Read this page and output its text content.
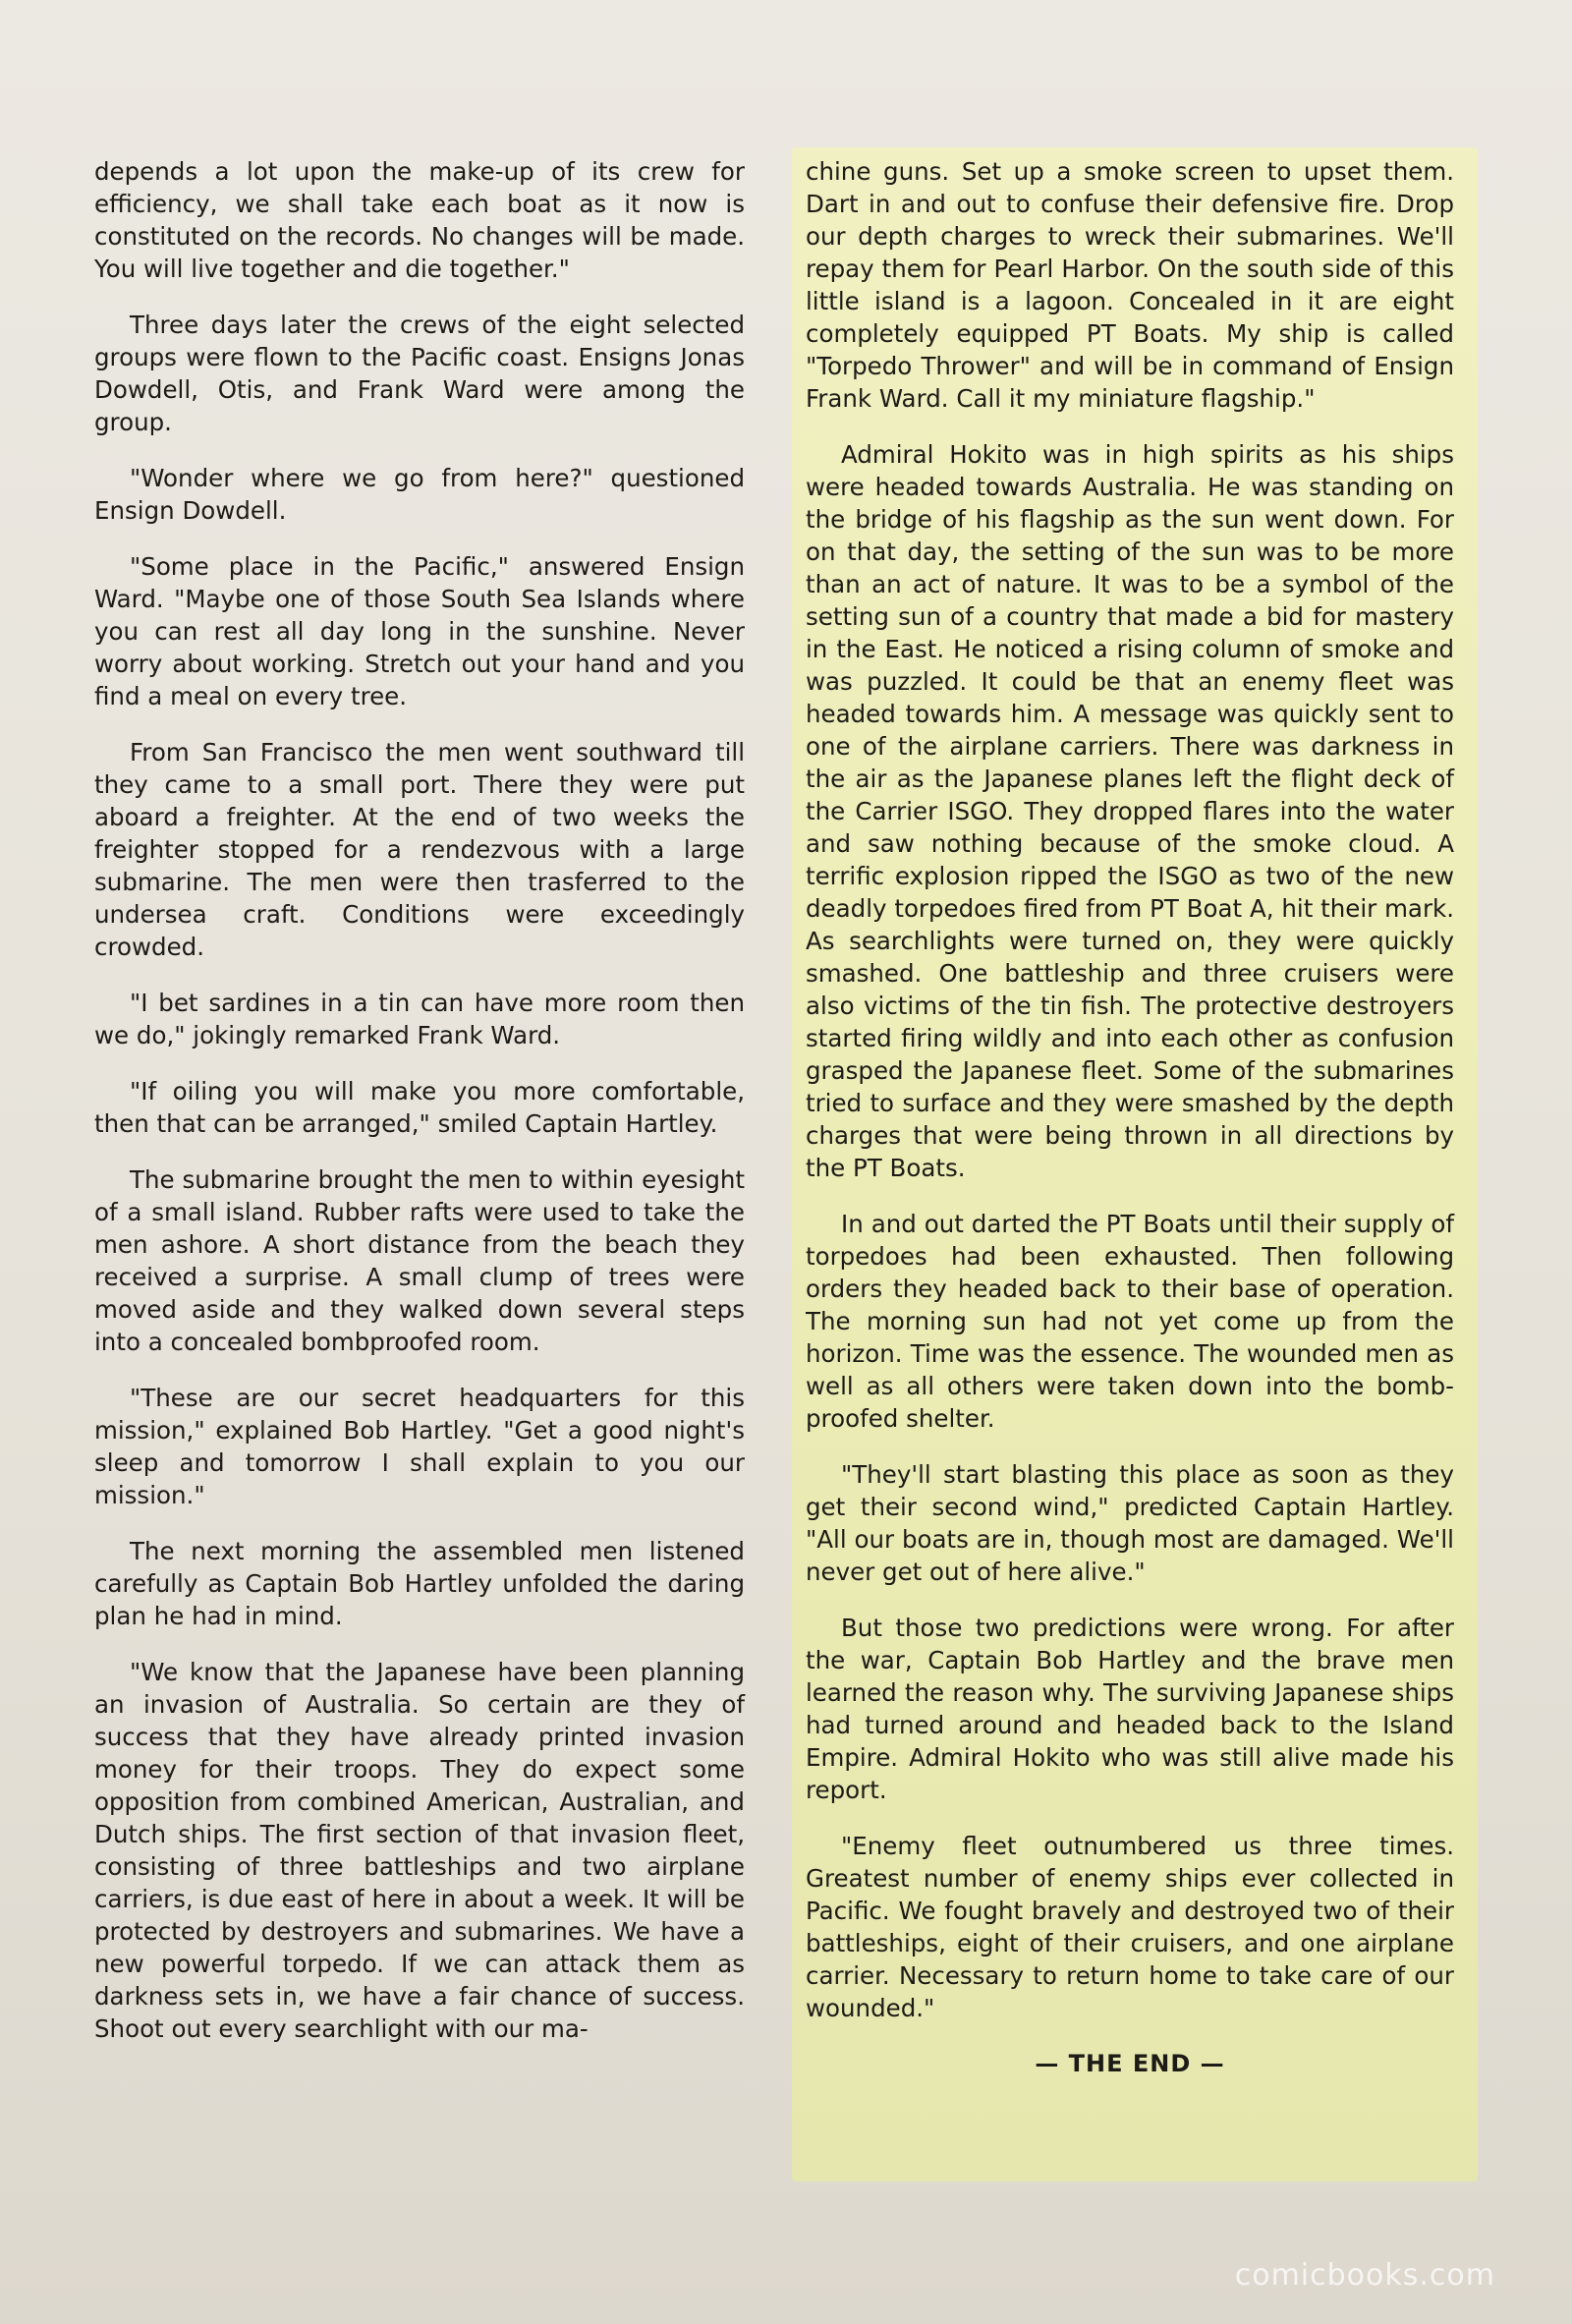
depends a lot upon the make-up of its crew for efficiency, we shall take each boat as it now is constituted on the records. No changes will be made. You will live together and die together."

Three days later the crews of the eight selected groups were flown to the Pacific coast. Ensigns Jonas Dowdell, Otis, and Frank Ward were among the group.

"Wonder where we go from here?" questioned Ensign Dowdell.

"Some place in the Pacific," answered Ensign Ward. "Maybe one of those South Sea Islands where you can rest all day long in the sunshine. Never worry about working. Stretch out your hand and you find a meal on every tree.

From San Francisco the men went southward till they came to a small port. There they were put aboard a freighter. At the end of two weeks the freighter stopped for a rendezvous with a large submarine. The men were then trasferred to the undersea craft. Conditions were exceedingly crowded.

"I bet sardines in a tin can have more room then we do," jokingly remarked Frank Ward.

"If oiling you will make you more comfortable, then that can be arranged," smiled Captain Hartley.

The submarine brought the men to within eyesight of a small island. Rubber rafts were used to take the men ashore. A short distance from the beach they received a surprise. A small clump of trees were moved aside and they walked down several steps into a concealed bombproofed room.

"These are our secret headquarters for this mission," explained Bob Hartley. "Get a good night's sleep and tomorrow I shall explain to you our mission."

The next morning the assembled men listened carefully as Captain Bob Hartley unfolded the daring plan he had in mind.

"We know that the Japanese have been planning an invasion of Australia. So certain are they of success that they have already printed invasion money for their troops. They do expect some opposition from combined American, Australian, and Dutch ships. The first section of that invasion fleet, consisting of three battleships and two airplane carriers, is due east of here in about a week. It will be protected by destroyers and submarines. We have a new powerful torpedo. If we can attack them as darkness sets in, we have a fair chance of success. Shoot out every searchlight with our ma-

chine guns. Set up a smoke screen to upset them. Dart in and out to confuse their defensive fire. Drop our depth charges to wreck their submarines. We'll repay them for Pearl Harbor. On the south side of this little island is a lagoon. Concealed in it are eight completely equipped PT Boats. My ship is called "Torpedo Thrower" and will be in command of Ensign Frank Ward. Call it my miniature flagship."

Admiral Hokito was in high spirits as his ships were headed towards Australia. He was standing on the bridge of his flagship as the sun went down. For on that day, the setting of the sun was to be more than an act of nature. It was to be a symbol of the setting sun of a country that made a bid for mastery in the East. He noticed a rising column of smoke and was puzzled. It could be that an enemy fleet was headed towards him. A message was quickly sent to one of the airplane carriers. There was darkness in the air as the Japanese planes left the flight deck of the Carrier ISGO. They dropped flares into the water and saw nothing because of the smoke cloud. A terrific explosion ripped the ISGO as two of the new deadly torpedoes fired from PT Boat A, hit their mark. As searchlights were turned on, they were quickly smashed. One battleship and three cruisers were also victims of the tin fish. The protective destroyers started firing wildly and into each other as confusion grasped the Japanese fleet. Some of the submarines tried to surface and they were smashed by the depth charges that were being thrown in all directions by the PT Boats.

In and out darted the PT Boats until their supply of torpedoes had been exhausted. Then following orders they headed back to their base of operation. The morning sun had not yet come up from the horizon. Time was the essence. The wounded men as well as all others were taken down into the bomb-proofed shelter.

"They'll start blasting this place as soon as they get their second wind," predicted Captain Hartley. "All our boats are in, though most are damaged. We'll never get out of here alive."

But those two predictions were wrong. For after the war, Captain Bob Hartley and the brave men learned the reason why. The surviving Japanese ships had turned around and headed back to the Island Empire. Admiral Hokito who was still alive made his report.

"Enemy fleet outnumbered us three times. Greatest number of enemy ships ever collected in Pacific. We fought bravely and destroyed two of their battleships, eight of their cruisers, and one airplane carrier. Necessary to return home to take care of our wounded."

— THE END —
comicbooks.com
